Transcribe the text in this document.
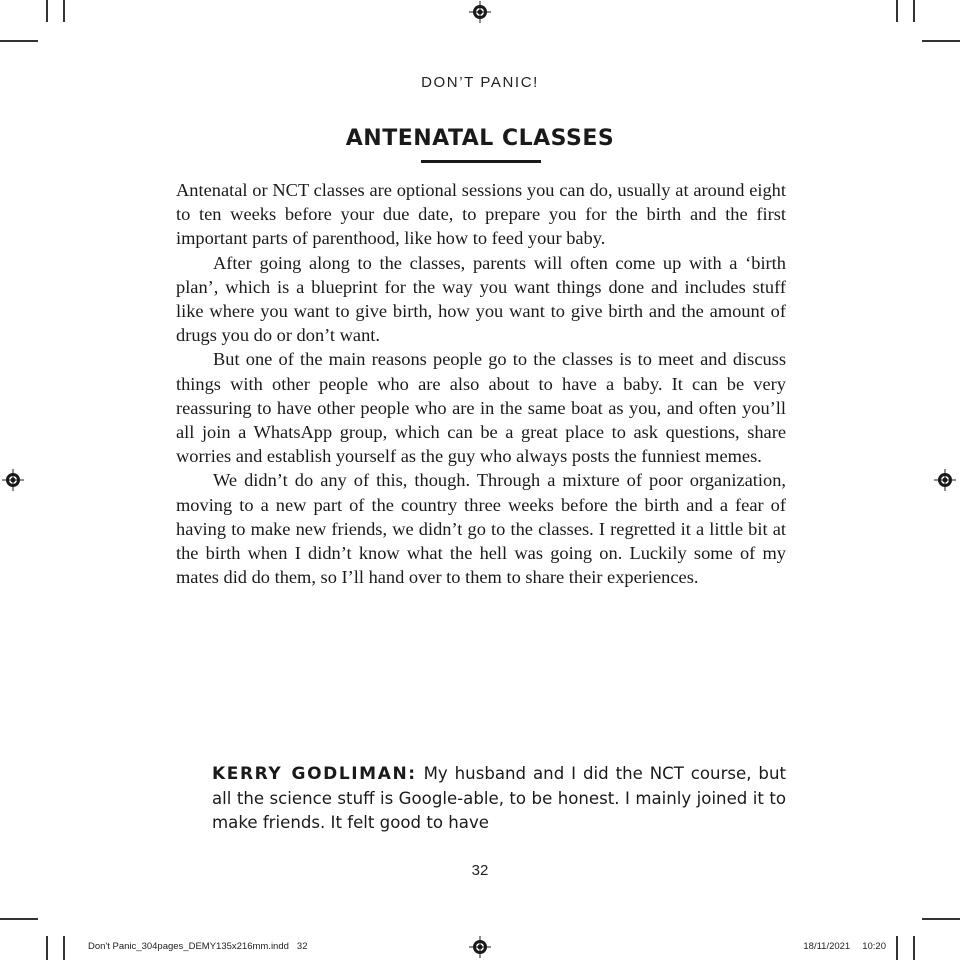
DON’T PANIC!
ANTENATAL CLASSES

Antenatal or NCT classes are optional sessions you can do, usually at around eight to ten weeks before your due date, to prepare you for the birth and the first important parts of parenthood, like how to feed your baby.

After going along to the classes, parents will often come up with a ‘birth plan’, which is a blueprint for the way you want things done and includes stuff like where you want to give birth, how you want to give birth and the amount of drugs you do or don’t want.

But one of the main reasons people go to the classes is to meet and discuss things with other people who are also about to have a baby. It can be very reassuring to have other people who are in the same boat as you, and often you’ll all join a WhatsApp group, which can be a great place to ask questions, share worries and establish yourself as the guy who always posts the funniest memes.

We didn’t do any of this, though. Through a mixture of poor organization, moving to a new part of the country three weeks before the birth and a fear of having to make new friends, we didn’t go to the classes. I regretted it a little bit at the birth when I didn’t know what the hell was going on. Luckily some of my mates did do them, so I’ll hand over to them to share their experiences.

KERRY GODLIMAN: My husband and I did the NCT course, but all the science stuff is Google-able, to be honest. I mainly joined it to make friends. It felt good to have
32
Don't Panic_304pages_DEMY135x216mm.indd 32	18/11/2021 10:20
